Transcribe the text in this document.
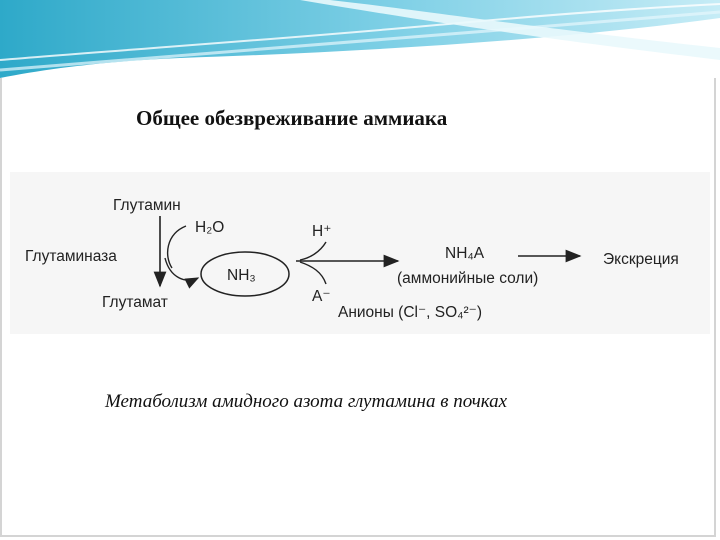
Общее обезвреживание аммиака
Глутамин
H₂O
Глутаминаза
Глутамат
NH₃
H⁺
A⁻
NH₄A
(аммонийные соли)
Анионы (Cl⁻, SO₄²⁻)
Экскреция
Метаболизм амидного азота глутамина в почках
